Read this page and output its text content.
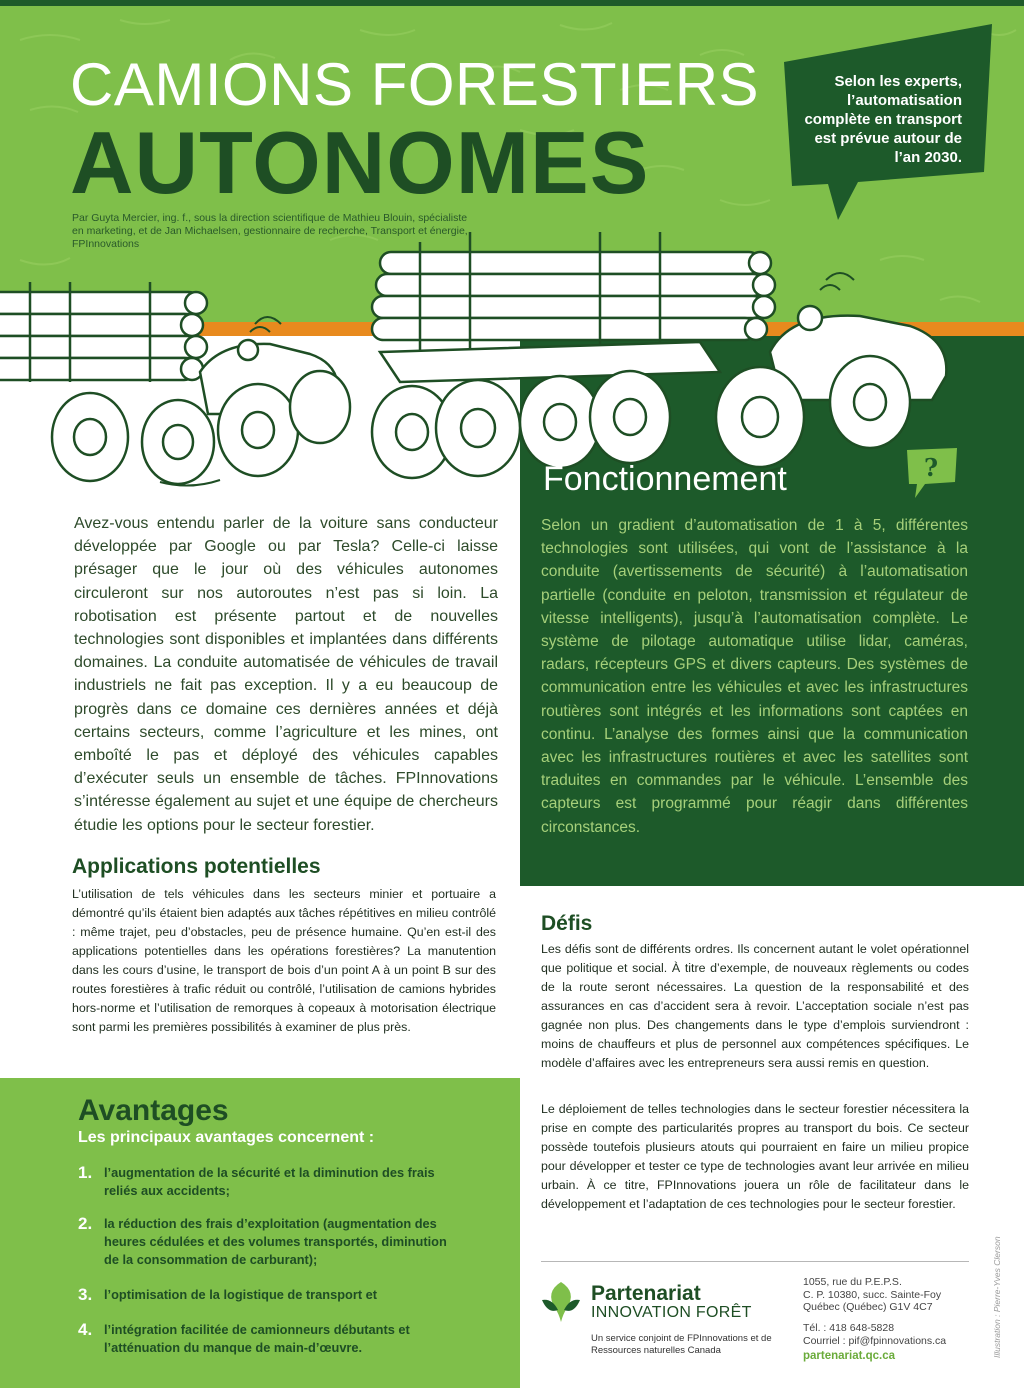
CAMIONS FORESTIERS
AUTONOMES
Par Guyta Mercier, ing. f., sous la direction scientifique de Mathieu Blouin, spécialiste en marketing, et de Jan Michaelsen, gestionnaire de recherche, Transport et énergie, FPInnovations
Selon les experts, l’automatisation complète en transport est prévue autour de l’an 2030.
Fonctionnement	?
Selon un gradient d’automatisation de 1 à 5, différentes technologies sont utilisées, qui vont de l’assistance à la conduite (avertissements de sécurité) à l’automatisation partielle (conduite en peloton, transmission et régulateur de vitesse intelligents), jusqu’à l’automatisation complète. Le système de pilotage automatique utilise lidar, caméras, radars, récepteurs GPS et divers capteurs. Des systèmes de communication entre les véhicules et avec les infrastructures routières sont intégrés et les informations sont captées en continu. L’analyse des formes ainsi que la communication avec les infrastructures routières et avec les satellites sont traduites en commandes par le véhicule. L’ensemble des capteurs est programmé pour réagir dans différentes circonstances.
Avez-vous entendu parler de la voiture sans conducteur développée par Google ou par Tesla? Celle-ci laisse présager que le jour où des véhicules autonomes circuleront sur nos autoroutes n’est pas si loin. La robotisation est présente partout et de nouvelles technologies sont disponibles et implantées dans différents domaines. La conduite automatisée de véhicules de travail industriels ne fait pas exception. Il y a eu beaucoup de progrès dans ce domaine ces dernières années et déjà certains secteurs, comme l’agriculture et les mines, ont emboîté le pas et déployé des véhicules capables d’exécuter seuls un ensemble de tâches. FPInnovations s’intéresse également au sujet et une équipe de chercheurs étudie les options pour le secteur forestier.
Applications potentielles
L’utilisation de tels véhicules dans les secteurs minier et portuaire a démontré qu’ils étaient bien adaptés aux tâches répétitives en milieu contrôlé : même trajet, peu d’obstacles, peu de présence humaine. Qu’en est-il des applications potentielles dans les opérations forestières? La manutention dans les cours d’usine, le transport de bois d’un point A à un point B sur des routes forestières à trafic réduit ou contrôlé, l’utilisation de camions hybrides hors-norme et l’utilisation de remorques à copeaux à motorisation électrique sont parmi les premières possibilités à examiner de plus près.
Défis
Les défis sont de différents ordres. Ils concernent autant le volet opérationnel que politique et social. À titre d’exemple, de nouveaux règlements ou codes de la route seront nécessaires. La question de la responsabilité et des assurances en cas d’accident sera à revoir. L’acceptation sociale n’est pas gagnée non plus. Des changements dans le type d’emplois surviendront : moins de chauffeurs et plus de personnel aux compétences spécifiques. Le modèle d’affaires avec les entrepreneurs sera aussi remis en question.
Le déploiement de telles technologies dans le secteur forestier nécessitera la prise en compte des particularités propres au transport du bois. Ce secteur possède toutefois plusieurs atouts qui pourraient en faire un milieu propice pour développer et tester ce type de technologies avant leur arrivée en milieu urbain. À ce titre, FPInnovations jouera un rôle de facilitateur dans le développement et l’adaptation de ces technologies pour le secteur forestier.
Avantages
Les principaux avantages concernent :
1. l’augmentation de la sécurité et la diminution des frais reliés aux accidents;
2. la réduction des frais d’exploitation (augmentation des heures cédulées et des volumes transportés, diminution de la consommation de carburant);
3. l’optimisation de la logistique de transport et
4. l’intégration facilitée de camionneurs débutants et l’atténuation du manque de main-d’œuvre.
Partenariat
INNOVATION FORÊT
Un service conjoint de FPInnovations et de Ressources naturelles Canada
1055, rue du P.E.P.S.
C. P. 10380, succ. Sainte-Foy
Québec (Québec) G1V 4C7
Tél. : 418 648-5828
Courriel : pif@fpinnovations.ca
partenariat.qc.ca	Illustration : Pierre-Yves Clerson
